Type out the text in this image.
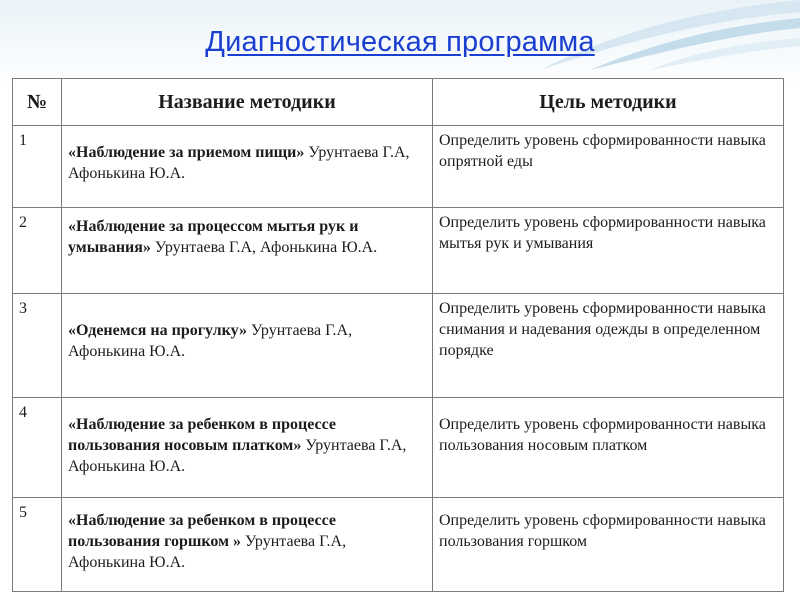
Диагностическая программа
№	Название методики	Цель методики
1	«Наблюдение за приемом пищи» Урунтаева Г.А, Афонькина Ю.А.	Определить уровень сформированности навыка опрятной еды
2	«Наблюдение за процессом мытья рук и умывания» Урунтаева Г.А, Афонькина Ю.А.	Определить уровень сформированности навыка мытья рук и умывания
3	«Оденемся на прогулку» Урунтаева Г.А, Афонькина Ю.А.	Определить уровень сформированности навыка снимания и надевания одежды в определенном порядке
4	«Наблюдение за ребенком в процессе пользования носовым платком» Урунтаева Г.А, Афонькина Ю.А.	Определить уровень сформированности навыка пользования носовым платком
5	«Наблюдение за ребенком в процессе пользования горшком » Урунтаева Г.А, Афонькина Ю.А.	Определить уровень сформированности навыка пользования горшком
